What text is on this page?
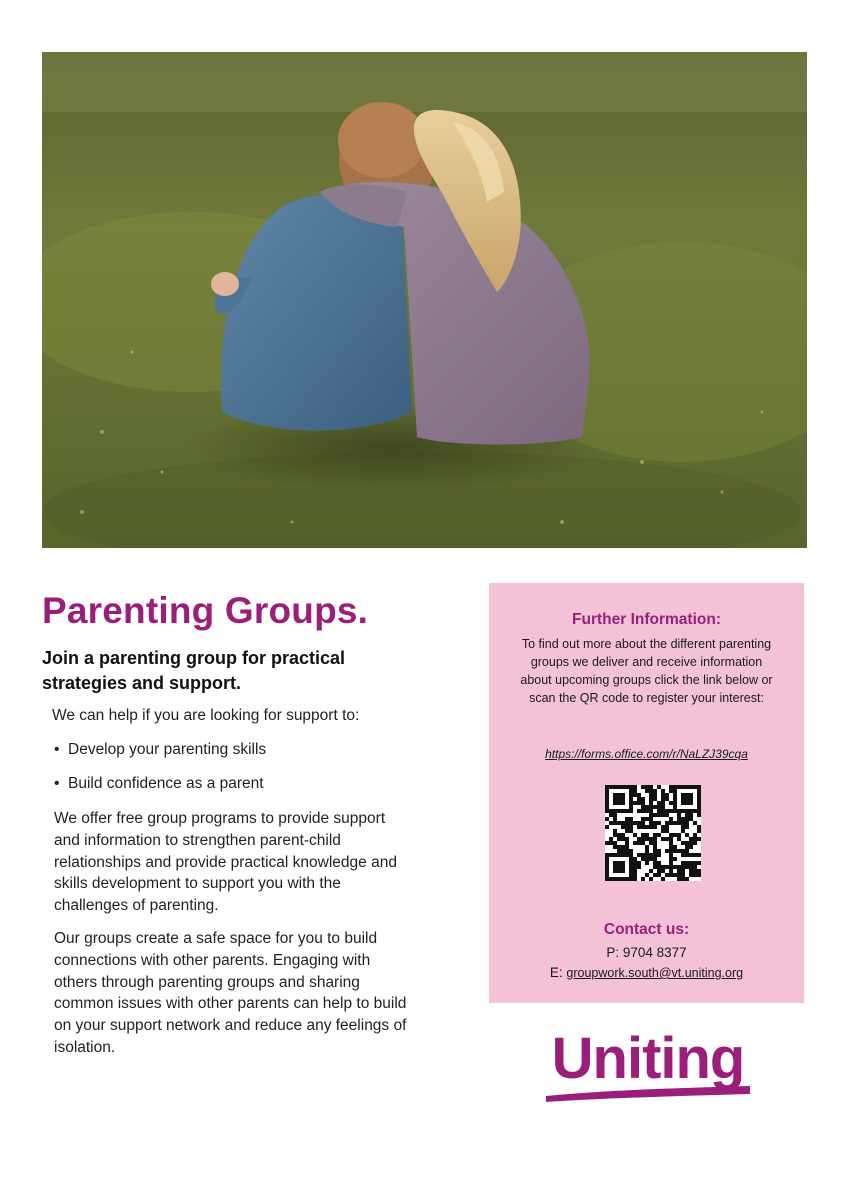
Parenting Groups.

Join a parenting group for practical strategies and support.

We can help if you are looking for support to:

• Develop your parenting skills
• Build confidence as a parent

We offer free group programs to provide support and information to strengthen parent-child relationships and provide practical knowledge and skills development to support you with the challenges of parenting.

Our groups create a safe space for you to build connections with other parents. Engaging with others through parenting groups and sharing common issues with other parents can help to build on your support network and reduce any feelings of isolation.

Further Information:

To find out more about the different parenting groups we deliver and receive information about upcoming groups click the link below or scan the QR code to register your interest:

https://forms.office.com/r/NaLZJ39cqa
Contact us:
P: 9704 8377
E: groupwork.south@vt.uniting.org
Uniting
